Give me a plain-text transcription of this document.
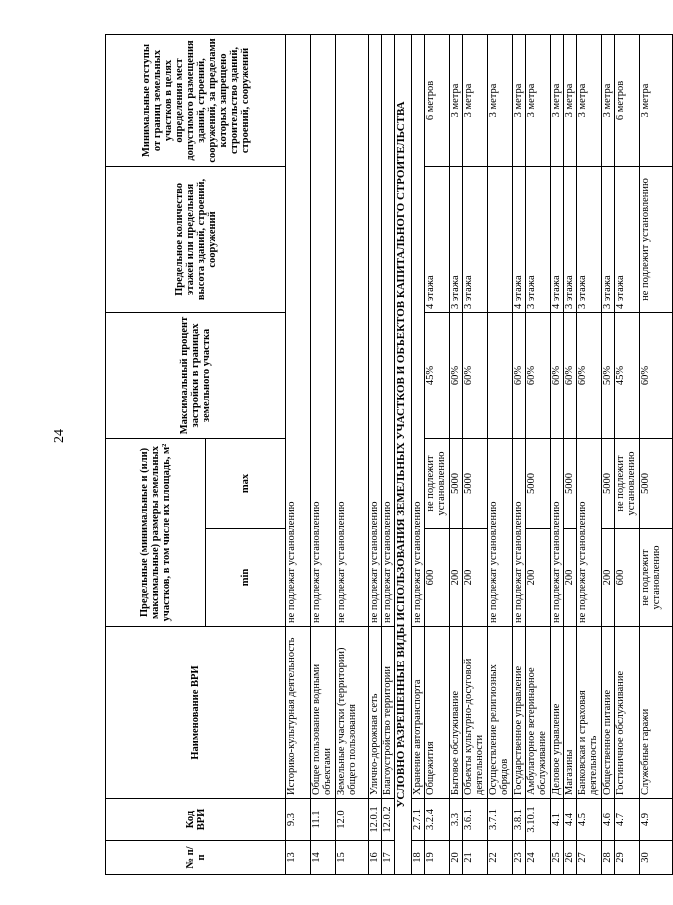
24
№ п/п	Код ВРИ	Наименование ВРИ	Предельные (минимальные и (или) максимальные) размеры земельных участков, в том числе их площадь, м²		Максимальный процент застройки в границах земельного участка	Предельное количество этажей или предельная высота зданий, строений, сооружений	Минимальные отступы от границ земельных участков в целях определения мест допустимого размещения зданий, строений, сооружений, за пределами которых запрещено строительство зданий, строений, сооружений
			min	max			
13	9.3	Историко-культурная деятельность	не подлежат установлению				
14	11.1	Общее пользование водными объектами	не подлежат установлению				
15	12.0	Земельные участки (территории) общего пользования	не подлежат установлению				
16	12.0.1	Улично-дорожная сеть	не подлежат установлению				
17	12.0.2	Благоустройство территории	не подлежат установлению				
УСЛОВНО РАЗРЕШЕННЫЕ ВИДЫ ИСПОЛЬЗОВАНИЯ ЗЕМЕЛЬНЫХ УЧАСТКОВ И ОБЪЕКТОВ КАПИТАЛЬНОГО СТРОИТЕЛЬСТВА							
18	2.7.1	Хранение автотранспорта	не подлежат установлению				
19	3.2.4	Общежития	600	не подлежит установлению	45%	4 этажа	6 метров
20	3.3	Бытовое обслуживание	200	5000	60%	3 этажа	3 метра
21	3.6.1	Объекты культурно-досуговой деятельности	200	5000	60%	3 этажа	3 метра
22	3.7.1	Осуществление религиозных обрядов	не подлежат установлению				3 метра
23	3.8.1	Государственное управление	не подлежат установлению		60%	4 этажа	3 метра
24	3.10.1	Амбулаторное ветеринарное обслуживание	200	5000	60%	3 этажа	3 метра
25	4.1	Деловое управление	не подлежат установлению		60%	4 этажа	3 метра
26	4.4	Магазины	200	5000	60%	3 этажа	3 метра
27	4.5	Банковская и страховая деятельность	не подлежат установлению		60%	3 этажа	3 метра
28	4.6	Общественное питание	200	5000	50%	3 этажа	3 метра
29	4.7	Гостиничное обслуживание	600	не подлежит установлению	45%	4 этажа	6 метров
30	4.9	Служебные гаражи	не подлежит установлению	5000	60%	не подлежит установлению	3 метра
